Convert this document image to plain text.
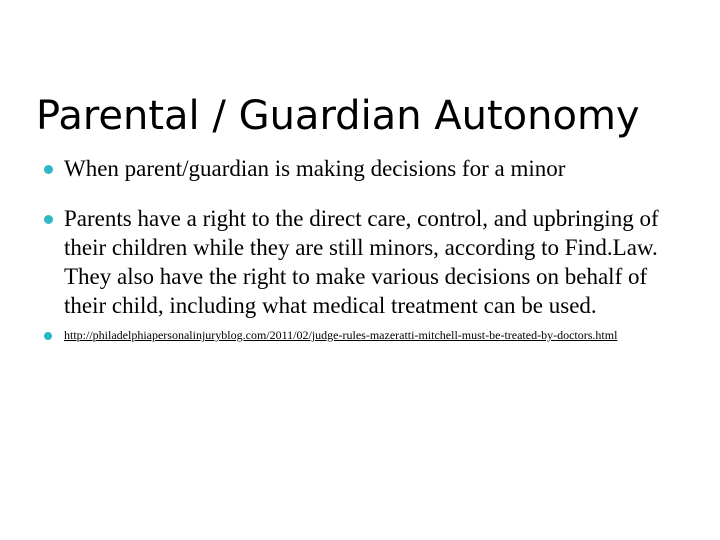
Parental / Guardian Autonomy
When parent/guardian is making decisions for a minor
Parents have a right to the direct care, control, and upbringing of their children while they are still minors, according to Find.Law. They also have the right to make various decisions on behalf of their child, including what medical treatment can be used.
http://philadelphiapersonalinjuryblog.com/2011/02/judge-rules-mazeratti-mitchell-must-be-treated-by-doctors.html
